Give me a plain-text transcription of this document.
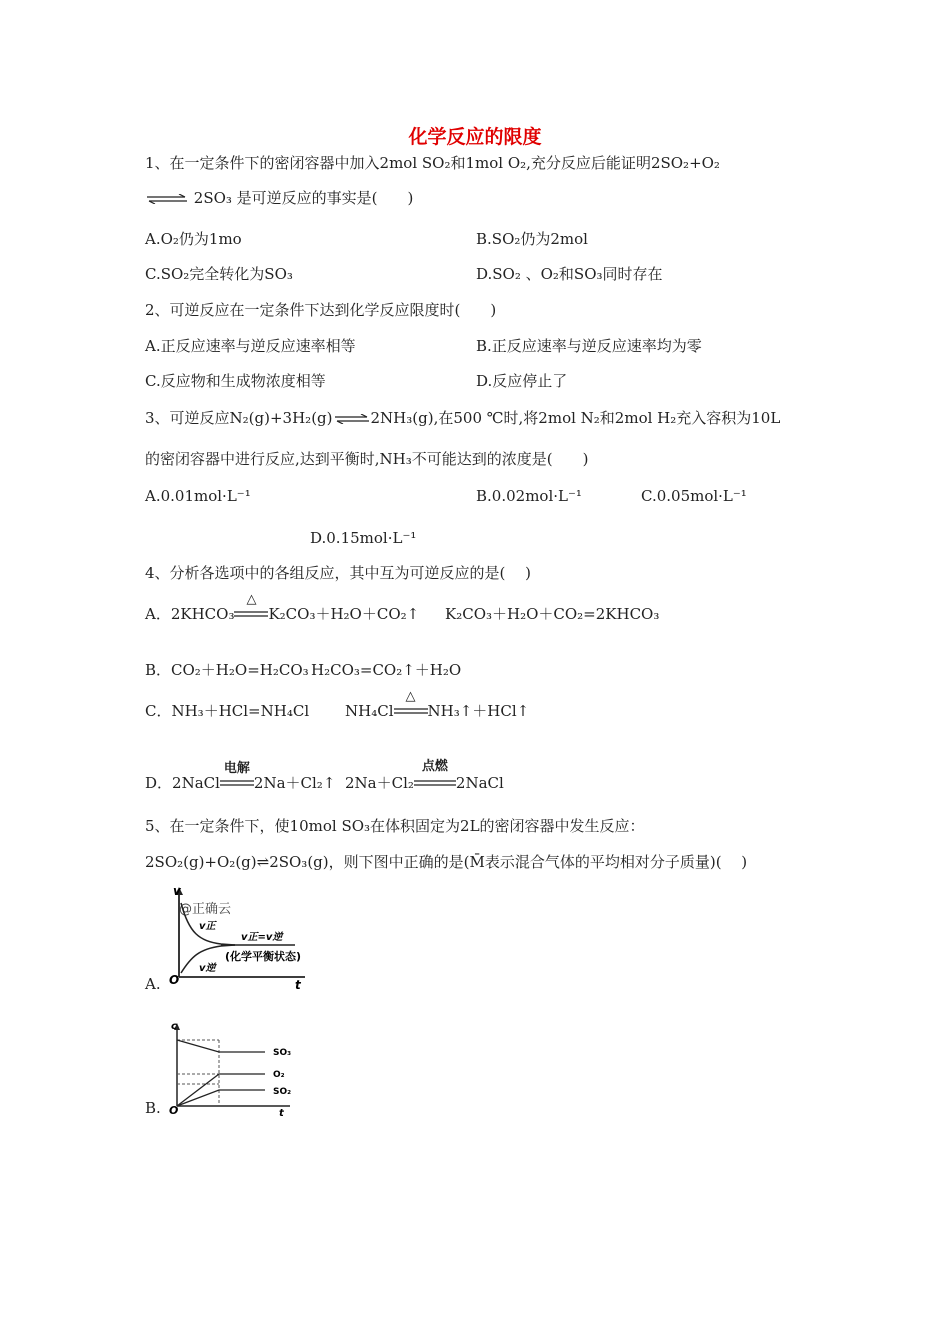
化学反应的限度
1、在一定条件下的密闭容器中加入2mol SO₂和1mol O₂,充分反应后能证明2SO₂+O₂
⇌ 2SO₃ 是可逆反应的事实是(　　)
A.O₂仍为1mo	B.SO₂仍为2mol
C.SO₂完全转化为SO₃	D.SO₂ 、O₂和SO₃同时存在
2、可逆反应在一定条件下达到化学反应限度时(　　)
A.正反应速率与逆反应速率相等	B.正反应速率与逆反应速率均为零
C.反应物和生成物浓度相等	D.反应停止了
3、可逆反应N₂(g)+3H₂(g)⇌2NH₃(g),在500 ℃时,将2mol N₂和2mol H₂充入容积为10L
的密闭容器中进行反应,达到平衡时,NH₃不可能达到的浓度是(　　)
A.0.01mol·L⁻¹	B.0.02mol·L⁻¹	C.0.05mol·L⁻¹
D.0.15mol·L⁻¹
4、分析各选项中的各组反应，其中互为可逆反应的是(　 )
A．2KHCO₃
△
K₂CO₃＋H₂O＋CO₂↑ K₂CO₃＋H₂O＋CO₂=2KHCO₃
B．CO₂＋H₂O=H₂CO₃ H₂CO₃=CO₂↑＋H₂O
C．NH₃＋HCl=NH₄Cl NH₄Cl
△
NH₃↑＋HCl↑
D．2NaCl
电解
2Na＋Cl₂↑ 2Na＋Cl₂
点燃
2NaCl
5、在一定条件下，使10mol SO₃在体积固定为2L的密闭容器中发生反应：
2SO₂(g)+O₂(g)⇌2SO₃(g)，则下图中正确的是(M̄表示混合气体的平均相对分子质量)(　 )
v
t
O
@正确云
v正
v逆
v正=v逆
(化学平衡状态)
A.
c
t
O
SO₃
O₂
SO₂
B.
